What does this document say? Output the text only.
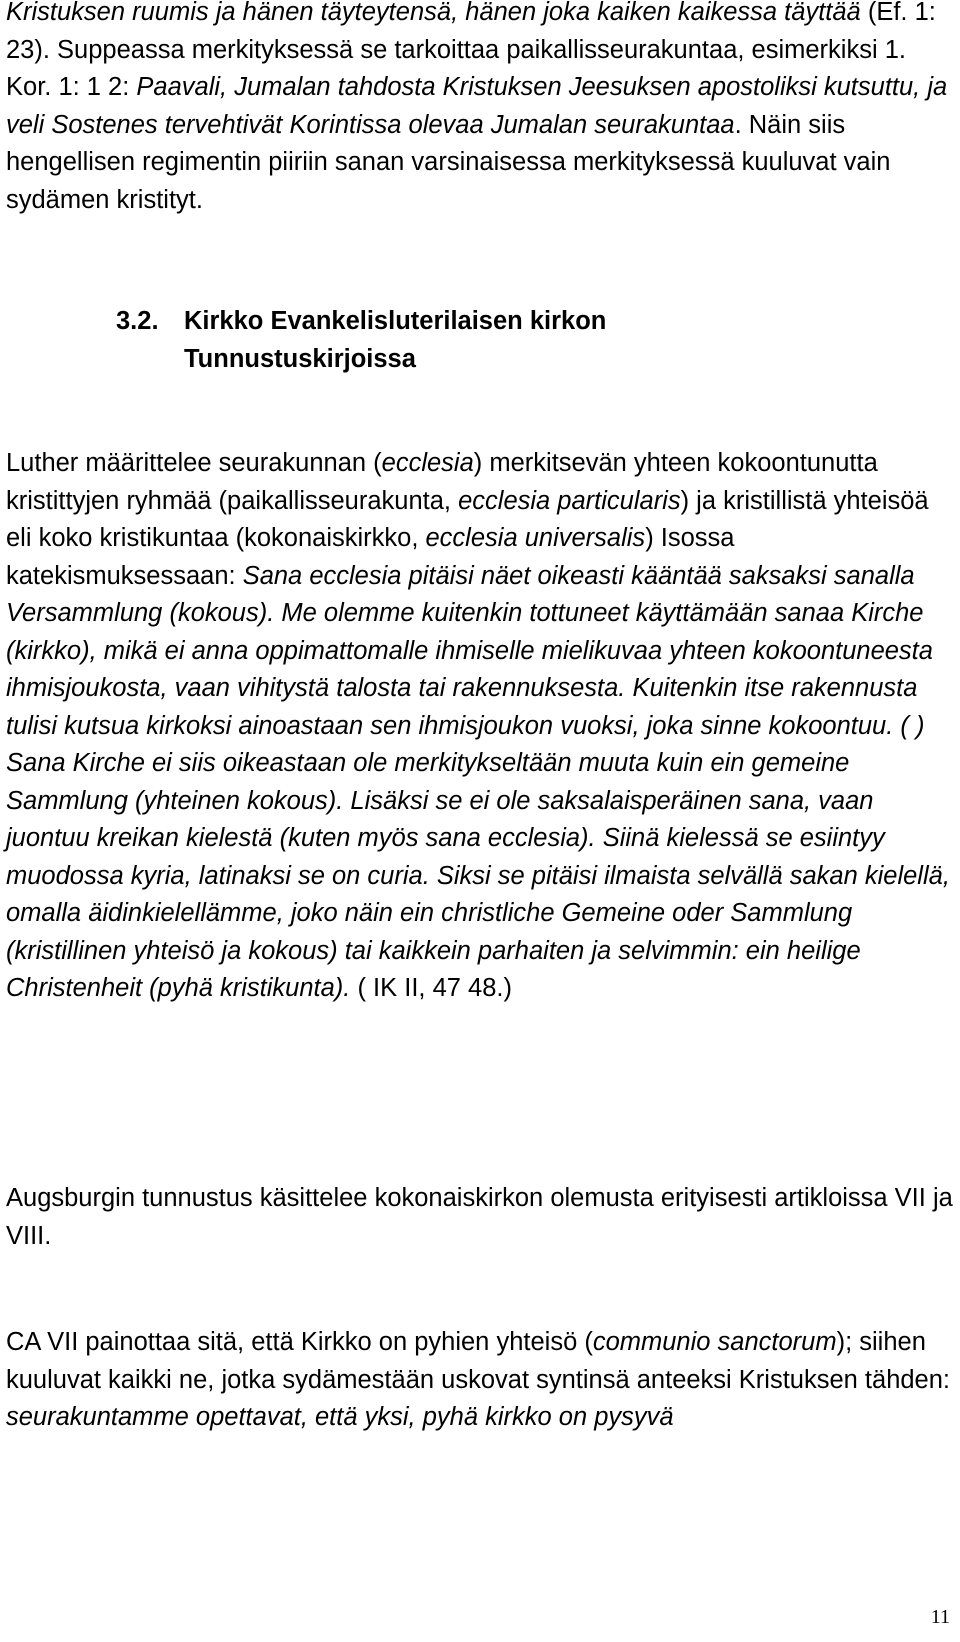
Kristuksen ruumis ja hänen täyteytensä, hänen joka kaiken kaikessa täyttää (Ef. 1: 23). Suppeassa merkityksessä se tarkoittaa paikallisseurakuntaa, esimerkiksi 1. Kor. 1: 1 2: Paavali, Jumalan tahdosta Kristuksen Jeesuksen apostoliksi kutsuttu, ja veli Sostenes tervehtivät Korintissa olevaa Jumalan seurakuntaa. Näin siis hengellisen regimentin piiriin sanan varsinaisessa merkityksessä kuuluvat vain sydämen kristityt.

3.2. Kirkko Evankelisluterilaisen kirkon Tunnustuskirjoissa

Luther määrittelee seurakunnan (ecclesia) merkitsevän yhteen kokoontunutta kristittyjen ryhmää (paikallisseurakunta, ecclesia particularis) ja kristillistä yhteisöä eli koko kristikuntaa (kokonaiskirkko, ecclesia universalis) Isossa katekismuksessaan: Sana ecclesia pitäisi näet oikeasti kääntää saksaksi sanalla Versammlung (kokous). Me olemme kuitenkin tottuneet käyttämään sanaa Kirche (kirkko), mikä ei anna oppimattomalle ihmiselle mielikuvaa yhteen kokoontuneesta ihmisjoukosta, vaan vihitystä talosta tai rakennuksesta. Kuitenkin itse rakennusta tulisi kutsua kirkoksi ainoastaan sen ihmisjoukon vuoksi, joka sinne kokoontuu. ( ) Sana Kirche ei siis oikeastaan ole merkitykseltään muuta kuin ein gemeine Sammlung (yhteinen kokous). Lisäksi se ei ole saksalaisperäinen sana, vaan juontuu kreikan kielestä (kuten myös sana ecclesia). Siinä kielessä se esiintyy muodossa kyria, latinaksi se on curia. Siksi se pitäisi ilmaista selvällä sakan kielellä, omalla äidinkielellämme, joko näin ein christliche Gemeine oder Sammlung (kristillinen yhteisö ja kokous) tai kaikkein parhaiten ja selvimmin: ein heilige Christenheit (pyhä kristikunta). ( IK II, 47 48.)

Augsburgin tunnustus käsittelee kokonaiskirkon olemusta erityisesti artikloissa VII ja VIII.

CA VII painottaa sitä, että Kirkko on pyhien yhteisö (communio sanctorum); siihen kuuluvat kaikki ne, jotka sydämestään uskovat syntinsä anteeksi Kristuksen tähden: seurakuntamme opettavat, että yksi, pyhä kirkko on pysyvä

11
